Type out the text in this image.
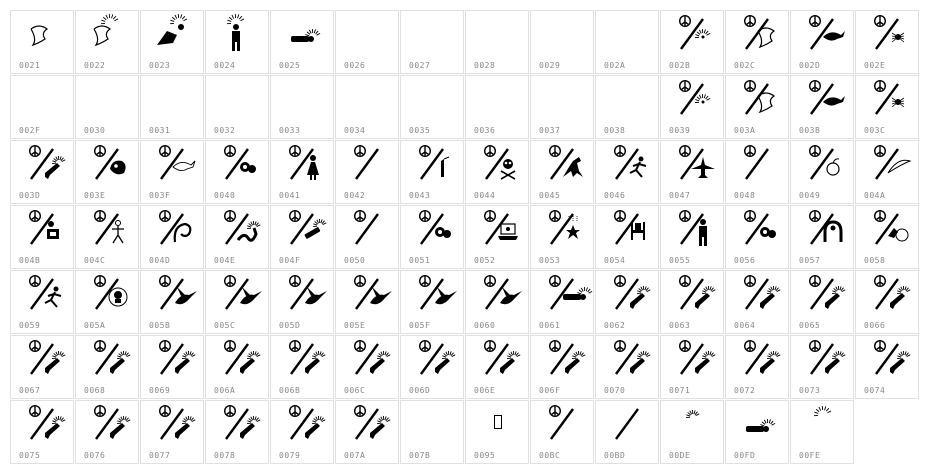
0021	0022	0023	0024	0025	0026	0027	0028	0029	002A	002B	002C	002D	002E
002F	0030	0031	0032	0033	0034	0035	0036	0037	0038	0039	003A	003B	003C
003D	003E	003F	0040	0041	0042	0043	0044	0045	0046	0047	0048	0049	004A
004B	004C	004D	004E	004F	0050	0051	0052	0053	0054	0055	0056	0057	0058
0059	005A	005B	005C	005D	005E	005F	0060	0061	0062	0063	0064	0065	0066
0067	0068	0069	006A	006B	006C	006D	006E	006F	0070	0071	0072	0073	0074
0075	0076	0077	0078	0079	007A	007B	0095	00BC	00BD	00DE	00FD	00FE
